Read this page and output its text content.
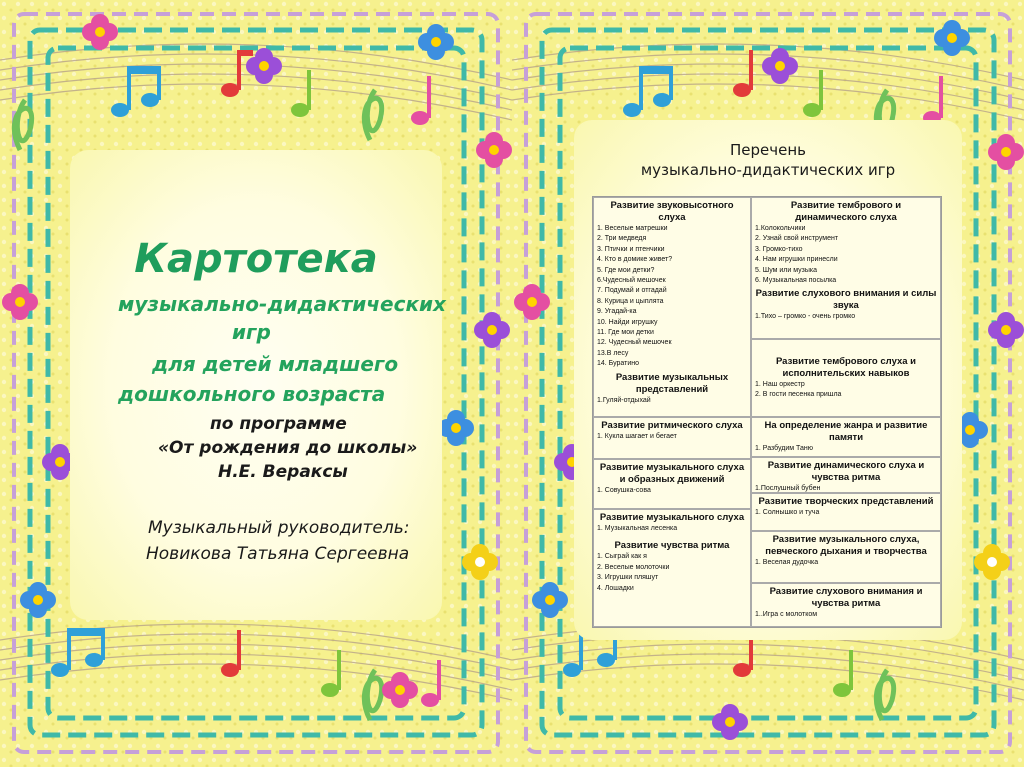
Картотека
музыкально-дидактических
игр
для детей младшего
дошкольного возраста
по программе
«От рождения до школы»
Н.Е. Вераксы
Музыкальный руководитель:
Новикова Татьяна Сергеевна
Перечень
музыкально-дидактических игр
Развитие звуковысотного слуха
1. Веселые матрешки
2. Три медведя
3. Птички и птенчики
4. Кто в домике живет?
5. Где мои детки?
6.Чудесный мешочек
7. Подумай и отгадай
8. Курица и цыплята
9. Угадай-ка
10. Найди игрушку
11. Где мои детки
12. Чудесный мешочек
13.В лесу
14. Буратино
Развитие музыкальных представлений
1.Гуляй-отдыхай
Развитие ритмического слуха
1. Кукла шагает и бегает
Развитие музыкального слуха и образных движений
1. Совушка-сова
Развитие музыкального слуха
1. Музыкальная лесенка
Развитие чувства ритма
1. Сыграй как я
2. Веселые молоточки
3. Игрушки пляшут
4. Лошадки
Развитие тембрового и динамического слуха
1.Колокольчики
2. Узнай свой инструмент
3. Громко-тихо
4. Нам игрушки принесли
5. Шум или музыка
6. Музыкальная посылка
Развитие слухового внимания и силы звука
1.Тихо – громко - очень громко
Развитие тембрового слуха и исполнительских навыков
1. Наш оркестр
2. В гости песенка пришла
На определение жанра и развитие памяти
1. Разбудим Таню
Развитие динамического слуха и чувства ритма
1.Послушный бубен
Развитие творческих представлений
1. Солнышко и туча
Развитие музыкального слуха, певческого дыхания и творчества
1. Веселая дудочка
Развитие слухового внимания и чувства ритма
1..Игра с молотком
